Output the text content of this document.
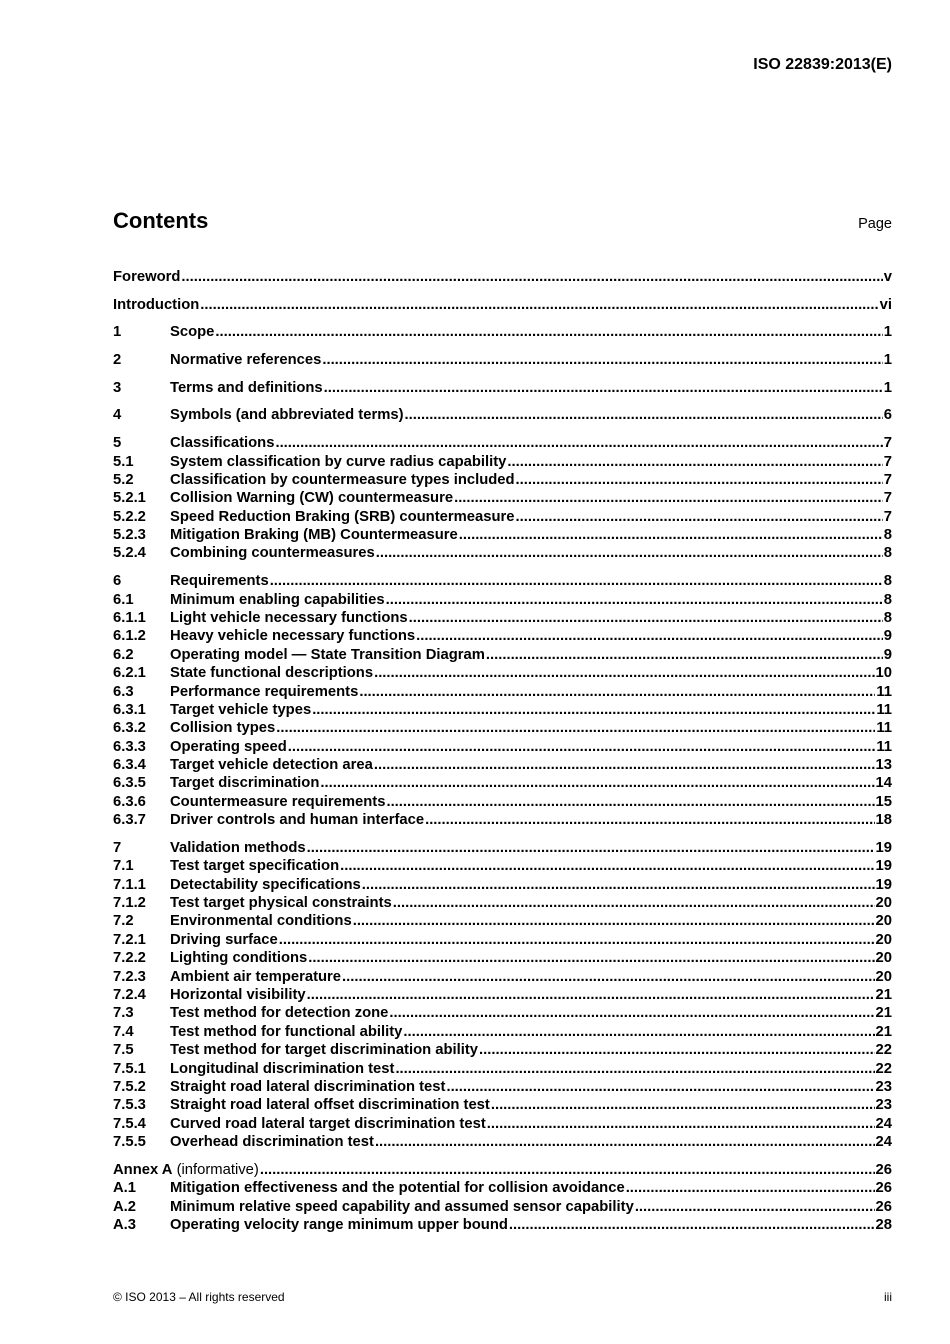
ISO 22839:2013(E)
Contents	Page
Foreword .....	v
Introduction .....	vi
1	Scope .....	1
2	Normative references .....	1
3	Terms and definitions .....	1
4	Symbols (and abbreviated terms) .....	6
5	Classifications .....	7
5.1	System classification by curve radius capability .....	7
5.2	Classification by countermeasure types included .....	7
5.2.1	Collision Warning (CW) countermeasure .....	7
5.2.2	Speed Reduction Braking (SRB) countermeasure .....	7
5.2.3	Mitigation Braking (MB) Countermeasure .....	8
5.2.4	Combining countermeasures .....	8
6	Requirements .....	8
6.1	Minimum enabling capabilities .....	8
6.1.1	Light vehicle necessary functions .....	8
6.1.2	Heavy vehicle necessary functions .....	9
6.2	Operating model — State Transition Diagram .....	9
6.2.1	State functional descriptions .....	10
6.3	Performance requirements .....	11
6.3.1	Target vehicle types .....	11
6.3.2	Collision types .....	11
6.3.3	Operating speed .....	11
6.3.4	Target vehicle detection area .....	13
6.3.5	Target discrimination .....	14
6.3.6	Countermeasure requirements .....	15
6.3.7	Driver controls and human interface .....	18
7	Validation methods .....	19
7.1	Test target specification .....	19
7.1.1	Detectability specifications .....	19
7.1.2	Test target physical constraints .....	20
7.2	Environmental conditions .....	20
7.2.1	Driving surface .....	20
7.2.2	Lighting conditions .....	20
7.2.3	Ambient air temperature .....	20
7.2.4	Horizontal visibility .....	21
7.3	Test method for detection zone .....	21
7.4	Test method for functional ability .....	21
7.5	Test method for target discrimination ability .....	22
7.5.1	Longitudinal discrimination test .....	22
7.5.2	Straight road lateral discrimination test .....	23
7.5.3	Straight road lateral offset discrimination test .....	23
7.5.4	Curved road lateral target discrimination test .....	24
7.5.5	Overhead discrimination test .....	24
Annex A (informative) .....	26
A.1	Mitigation effectiveness and the potential for collision avoidance .....	26
A.2	Minimum relative speed capability and assumed sensor capability .....	26
A.3	Operating velocity range minimum upper bound .....	28
© ISO 2013 – All rights reserved	iii
